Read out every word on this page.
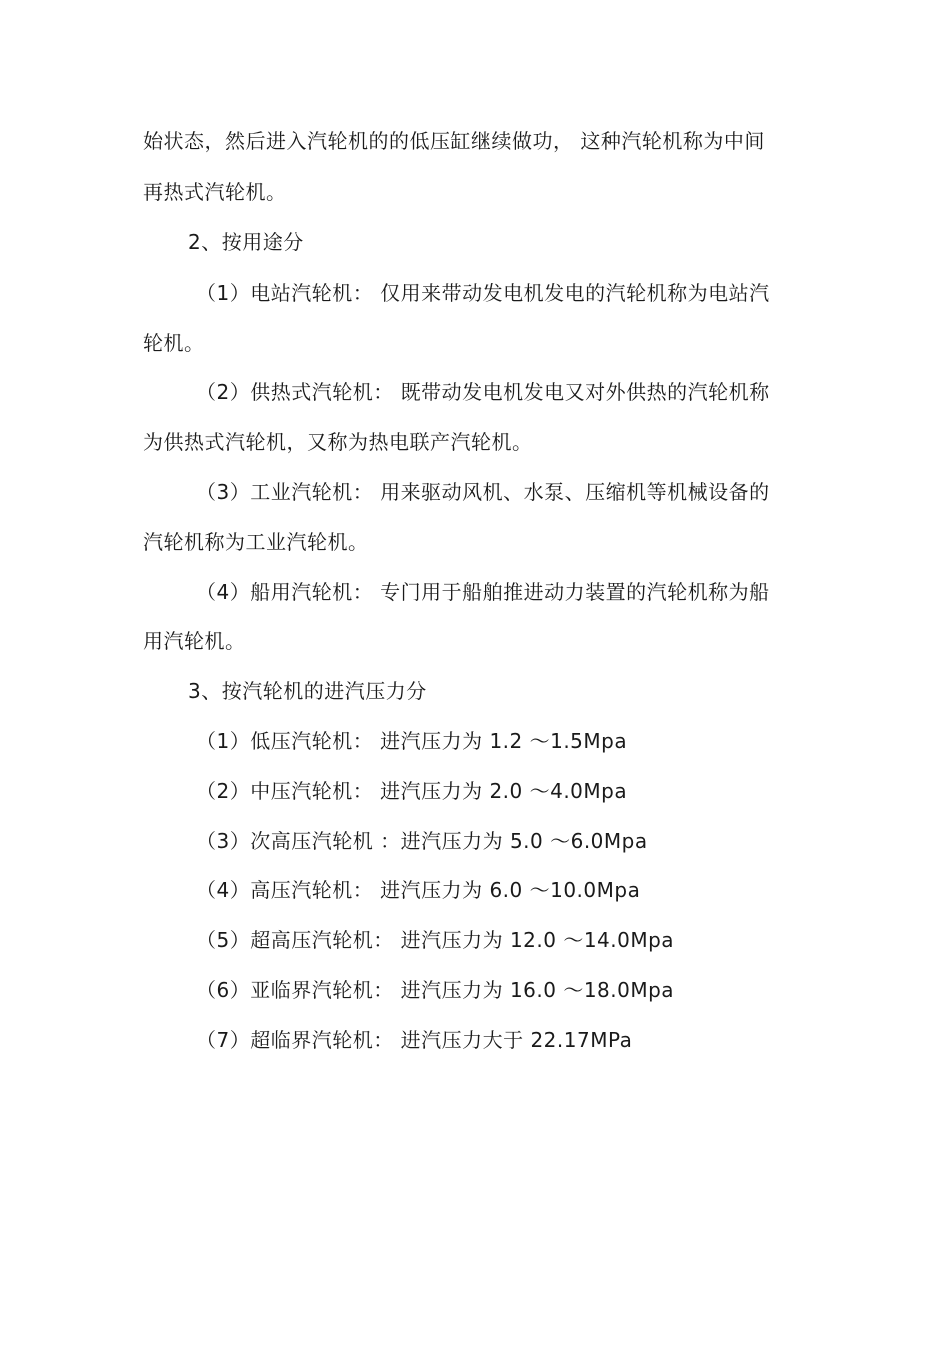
始状态，然后进入汽轮机的的低压缸继续做功， 这种汽轮机称为中间
再热式汽轮机。
2、按用途分
（1）电站汽轮机： 仅用来带动发电机发电的汽轮机称为电站汽
轮机。
（2）供热式汽轮机： 既带动发电机发电又对外供热的汽轮机称
为供热式汽轮机，又称为热电联产汽轮机。
（3）工业汽轮机： 用来驱动风机、水泵、压缩机等机械设备的
汽轮机称为工业汽轮机。
（4）船用汽轮机： 专门用于船舶推进动力装置的汽轮机称为船
用汽轮机。
3、按汽轮机的进汽压力分
（1）低压汽轮机： 进汽压力为 1.2 ～1.5Mpa
（2）中压汽轮机： 进汽压力为 2.0 ～4.0Mpa
（3）次高压汽轮机 ：进汽压力为 5.0 ～6.0Mpa
（4）高压汽轮机： 进汽压力为 6.0 ～10.0Mpa
（5）超高压汽轮机： 进汽压力为 12.0 ～14.0Mpa
（6）亚临界汽轮机： 进汽压力为 16.0 ～18.0Mpa
（7）超临界汽轮机： 进汽压力大于 22.17MPa
